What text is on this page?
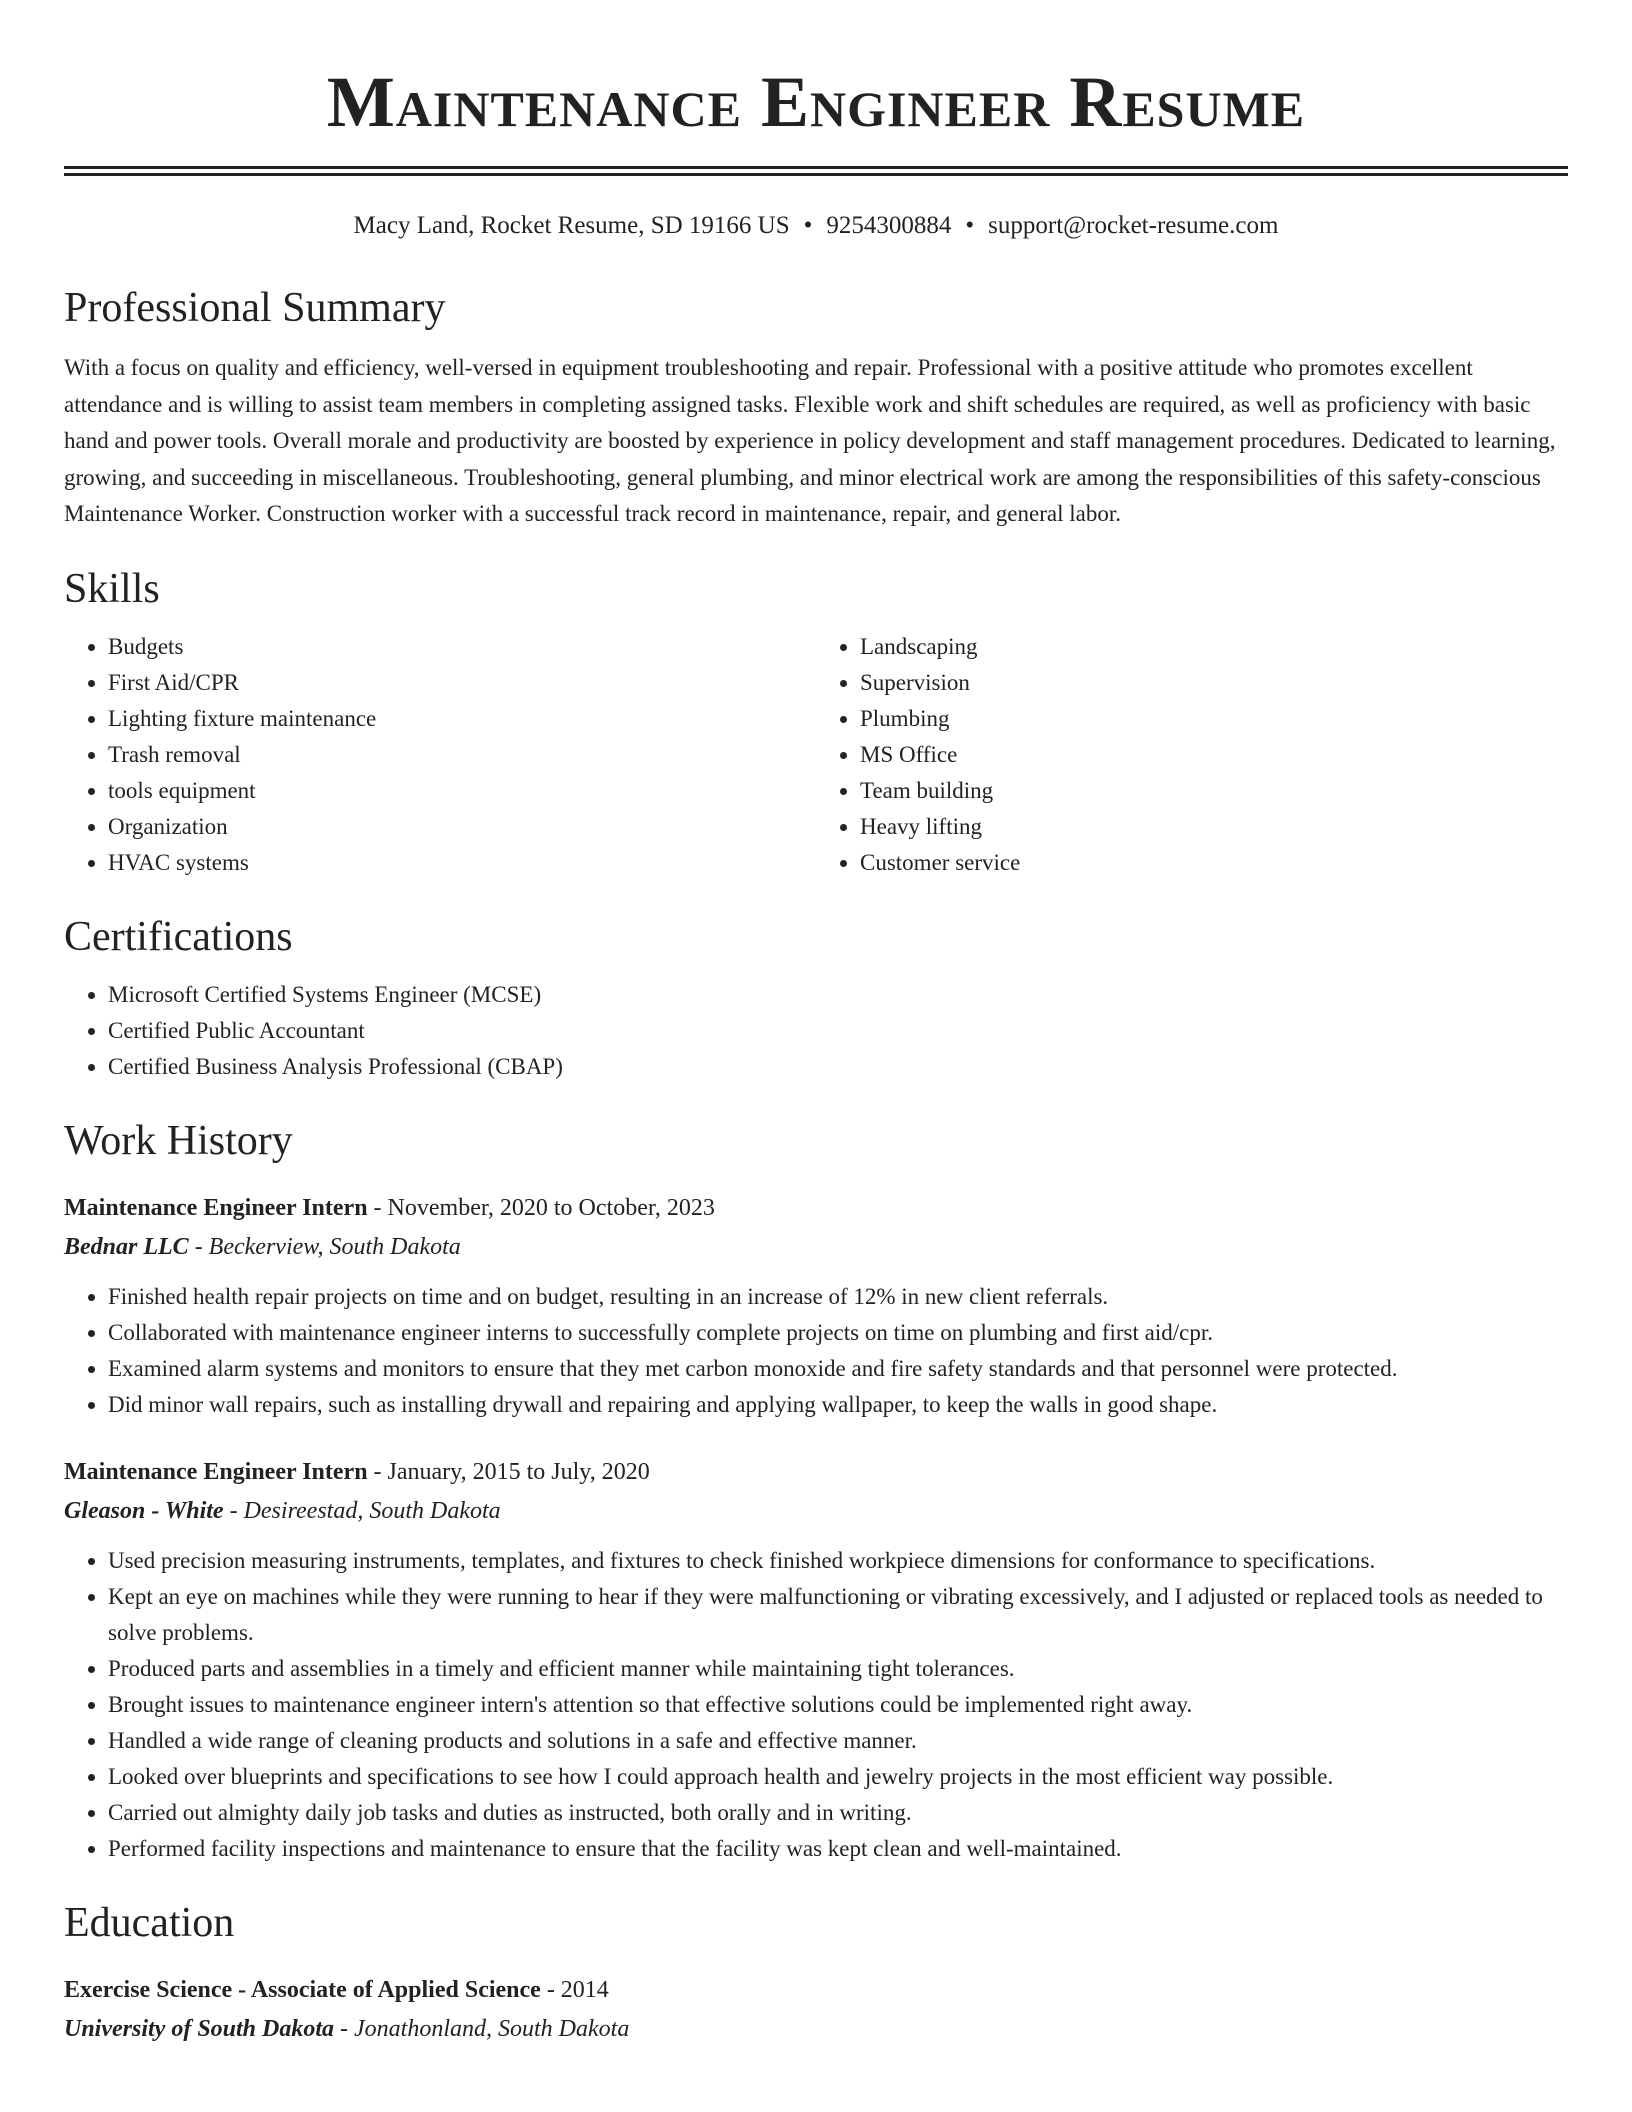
Maintenance Engineer Resume
Macy Land, Rocket Resume, SD 19166 US • 9254300884 • support@rocket-resume.com
Professional Summary

With a focus on quality and efficiency, well-versed in equipment troubleshooting and repair. Professional with a positive attitude who promotes excellent attendance and is willing to assist team members in completing assigned tasks. Flexible work and shift schedules are required, as well as proficiency with basic hand and power tools. Overall morale and productivity are boosted by experience in policy development and staff management procedures. Dedicated to learning, growing, and succeeding in miscellaneous. Troubleshooting, general plumbing, and minor electrical work are among the responsibilities of this safety-conscious Maintenance Worker. Construction worker with a successful track record in maintenance, repair, and general labor.

Skills
• Budgets
• First Aid/CPR
• Lighting fixture maintenance
• Trash removal
• tools equipment
• Organization
• HVAC systems
• Landscaping
• Supervision
• Plumbing
• MS Office
• Team building
• Heavy lifting
• Customer service
Certifications
• Microsoft Certified Systems Engineer (MCSE)
• Certified Public Accountant
• Certified Business Analysis Professional (CBAP)
Work History
Maintenance Engineer Intern - November, 2020 to October, 2023
Bednar LLC - Beckerview, South Dakota
• Finished health repair projects on time and on budget, resulting in an increase of 12% in new client referrals.
• Collaborated with maintenance engineer interns to successfully complete projects on time on plumbing and first aid/cpr.
• Examined alarm systems and monitors to ensure that they met carbon monoxide and fire safety standards and that personnel were protected.
• Did minor wall repairs, such as installing drywall and repairing and applying wallpaper, to keep the walls in good shape.
Maintenance Engineer Intern - January, 2015 to July, 2020
Gleason - White - Desireestad, South Dakota
• Used precision measuring instruments, templates, and fixtures to check finished workpiece dimensions for conformance to specifications.
• Kept an eye on machines while they were running to hear if they were malfunctioning or vibrating excessively, and I adjusted or replaced tools as needed to solve problems.
• Produced parts and assemblies in a timely and efficient manner while maintaining tight tolerances.
• Brought issues to maintenance engineer intern's attention so that effective solutions could be implemented right away.
• Handled a wide range of cleaning products and solutions in a safe and effective manner.
• Looked over blueprints and specifications to see how I could approach health and jewelry projects in the most efficient way possible.
• Carried out almighty daily job tasks and duties as instructed, both orally and in writing.
• Performed facility inspections and maintenance to ensure that the facility was kept clean and well-maintained.
Education
Exercise Science - Associate of Applied Science - 2014
University of South Dakota - Jonathonland, South Dakota
